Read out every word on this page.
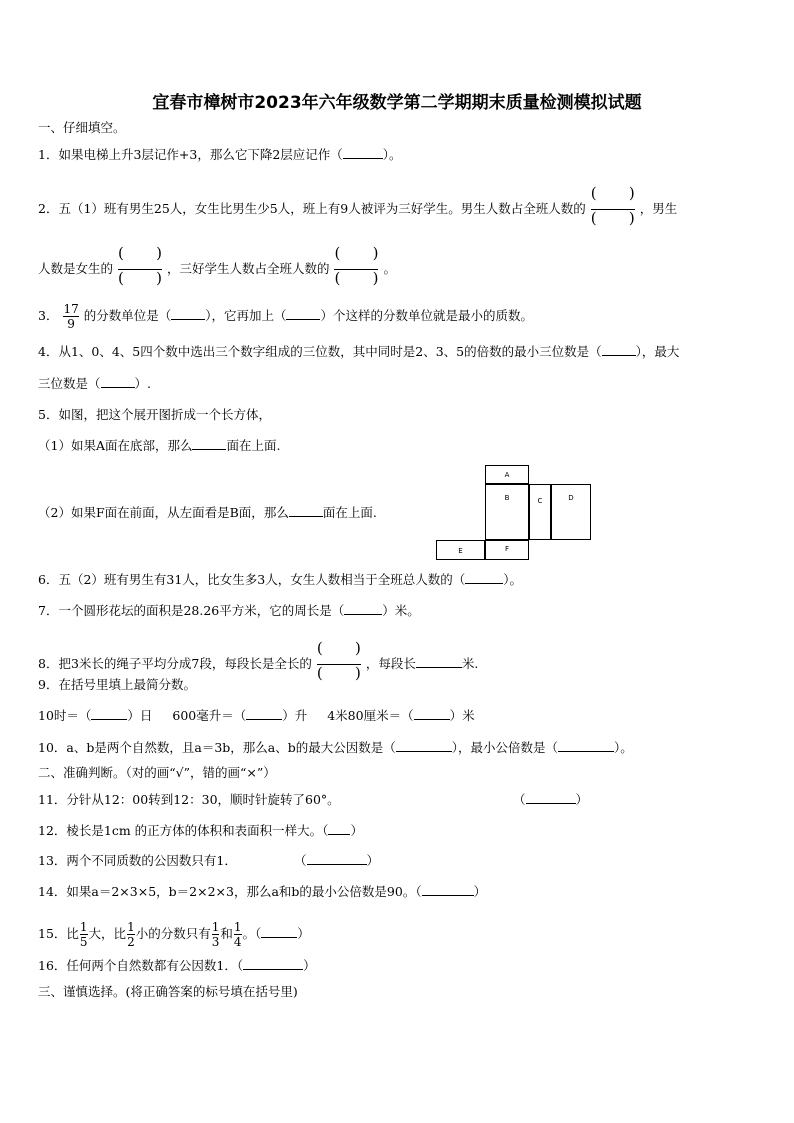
宜春市樟树市2023年六年级数学第二学期期末质量检测模拟试题
一、仔细填空。
1．如果电梯上升3层记作+3，那么它下降2层应记作（	）。
2．五（1）班有男生25人，女生比男生少5人，班上有9人被评为三好学生。男生人数占全班人数的 ( ) ( )	，男生
人数是女生的 ( ) ( )	，三好学生人数占全班人数的 ( ) ( )	。
3． $\frac{17}{9}$ 的分数单位是（	），它再加上（	）个这样的分数单位就是最小的质数。
4．从1、0、4、5四个数中选出三个数字组成的三位数，其中同时是2、3、5的倍数的最小三位数是（	），最大
三位数是（	）.
5．如图，把这个展开图折成一个长方体，
（1）如果A面在底部，那么	面在上面.
（2）如果F面在前面，从左面看是B面，那么	面在上面.
A
B	C	D
E	F
6．五（2）班有男生有31人，比女生多3人，女生人数相当于全班总人数的（	）。
7．一个圆形花坛的面积是28.26平方米，它的周长是（	）米。
8．把3米长的绳子平均分成7段，每段长是全长的 ( ) ( )	，每段长	米.
9．在括号里填上最简分数。
10时＝（	）日 600毫升＝（	）升 4米80厘米＝（	）米
10．a、b是两个自然数，且a＝3b，那么a、b的最大公因数是（	），最小公倍数是（	）。
二、准确判断。（对的画“√”，错的画“×”）
11．分针从12：00转到12：30，顺时针旋转了60°。	（	）
12．棱长是1cm 的正方体的体积和表面积一样大。（ ）
13．两个不同质数的公因数只有1．	（	）
14．如果a＝2×3×5，b＝2×2×3，那么a和b的最小公倍数是90。（	）
15．比 $\frac{1}{5}$ 大，比 $\frac{1}{2}$ 小的分数只有 $\frac{1}{3}$ 和 $\frac{1}{4}$ 。（	）
16．任何两个自然数都有公因数1．（	）
三、谨慎选择。(将正确答案的标号填在括号里)
